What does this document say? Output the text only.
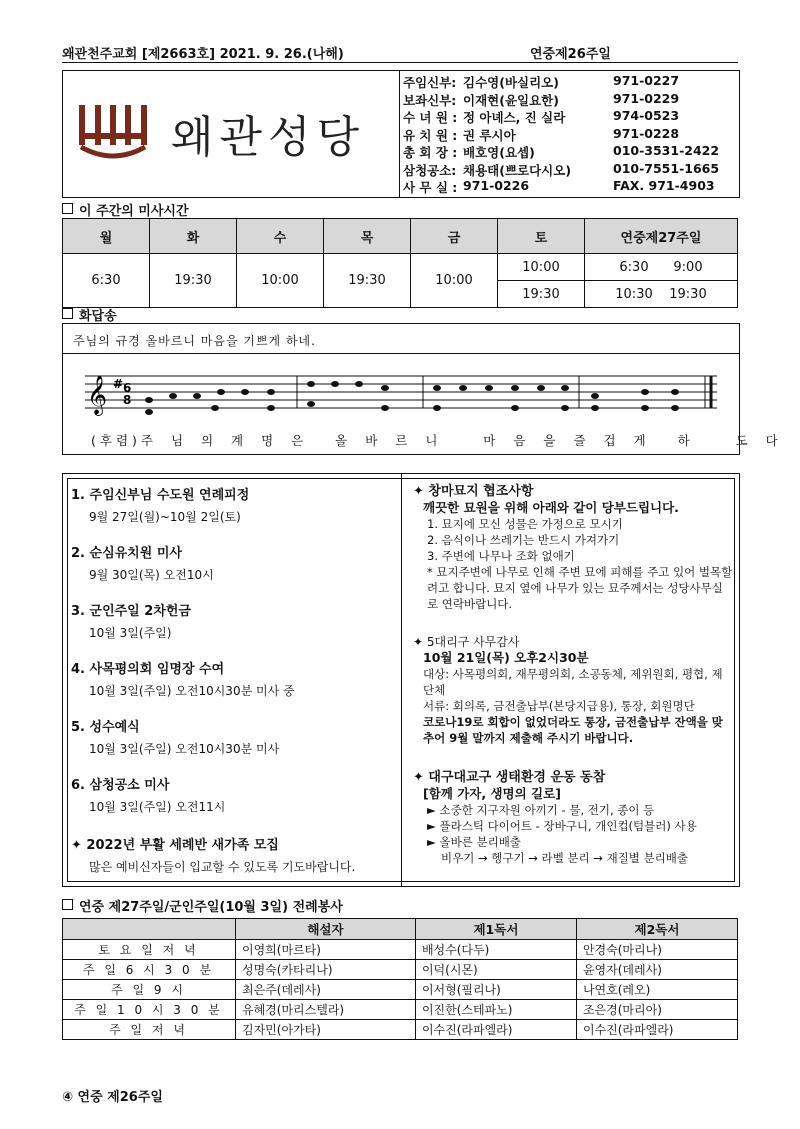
왜관천주교회 [제2663호] 2021. 9. 26.(나해)	연중제26주일
왜관성당
주임신부: 김수영(바실리오)	971-0227
보좌신부: 이재현(윤일요한)	971-0229
수 녀 원 : 정 아녜스, 진 실라	974-0523
유 치 원 : 권 루시아	971-0228
총 회 장 : 배호영(요셉)	010-3531-2422
삼청공소: 채용태(쁘로다시오)	010-7551-1665
사 무 실 : 971-0226	FAX. 971-4903
이 주간의 미사시간
월	화	수	목	금	토	연중제27주일
6:30	19:30	10:00	19:30	10:00	10:00	6:30      9:00
					19:30	10:30    19:30
화답송
주님의 규경 올바르니 마음을 기쁘게 하네.
𝄞 # 6
8
(후렴)주 님 의 계 명 은  올 바 르 니   마 음 을 즐 겁 게  하   도 다
1. 주임신부님 수도원 연례피정
9월 27일(월)~10월 2일(토)
2. 순심유치원 미사
9월 30일(목) 오전10시
3. 군인주일 2차헌금
10월 3일(주일)
4. 사목평의회 임명장 수여
10월 3일(주일) 오전10시30분 미사 중
5. 성수예식
10월 3일(주일) 오전10시30분 미사
6. 삼청공소 미사
10월 3일(주일) 오전11시
✦ 2022년 부활 세례반 새가족 모집
많은 예비신자들이 입교할 수 있도록 기도바랍니다.
✦ 창마묘지 협조사항
깨끗한 묘원을 위해 아래와 같이 당부드립니다.
1. 묘지에 모신 성물은 가정으로 모시기
2. 음식이나 쓰레기는 반드시 가져가기
3. 주변에 나무나 조화 없애기
* 묘지주변에 나무로 인해 주변 묘에 피해를 주고 있어 벌목할려고 합니다. 묘지 옆에 나무가 있는 묘주께서는 성당사무실로 연락바랍니다.
✦ 5대리구 사무감사
10월 21일(목) 오후2시30분
대상: 사목평의회, 재무평의회, 소공동체, 제위원회, 평협, 제단체
서류: 회의록, 금전출납부(본당지급용), 통장, 회원명단
코로나19로 회합이 없었더라도 통장, 금전출납부 잔액을 맞추어 9월 말까지 제출해 주시기 바랍니다.
✦ 대구대교구 생태환경 운동 동참
[함께 가자, 생명의 길로]
► 소중한 지구자원 아끼기 - 물, 전기, 종이 등
► 플라스틱 다이어트 - 장바구니, 개인컵(텀블러) 사용
► 올바른 분리배출
비우기 → 헹구기 → 라벨 분리 → 재질별 분리배출
연중 제27주일/군인주일(10월 3일) 전례봉사
	해설자	제1독서	제2독서
토 요 일 저 녁	이영희(마르타)	배성수(다두)	안경숙(마리나)
주 일 6 시 3 0 분	성명숙(카타리나)	이덕(시몬)	윤영자(데레사)
주 일 9 시	최은주(데레사)	이서형(필리나)	나연호(레오)
주 일 1 0 시 3 0 분	유혜경(마리스텔라)	이진한(스테파노)	조은경(마리아)
주 일 저 녁	김자민(아가타)	이수진(라파엘라)	이수진(라파엘라)
④ 연중 제26주일
